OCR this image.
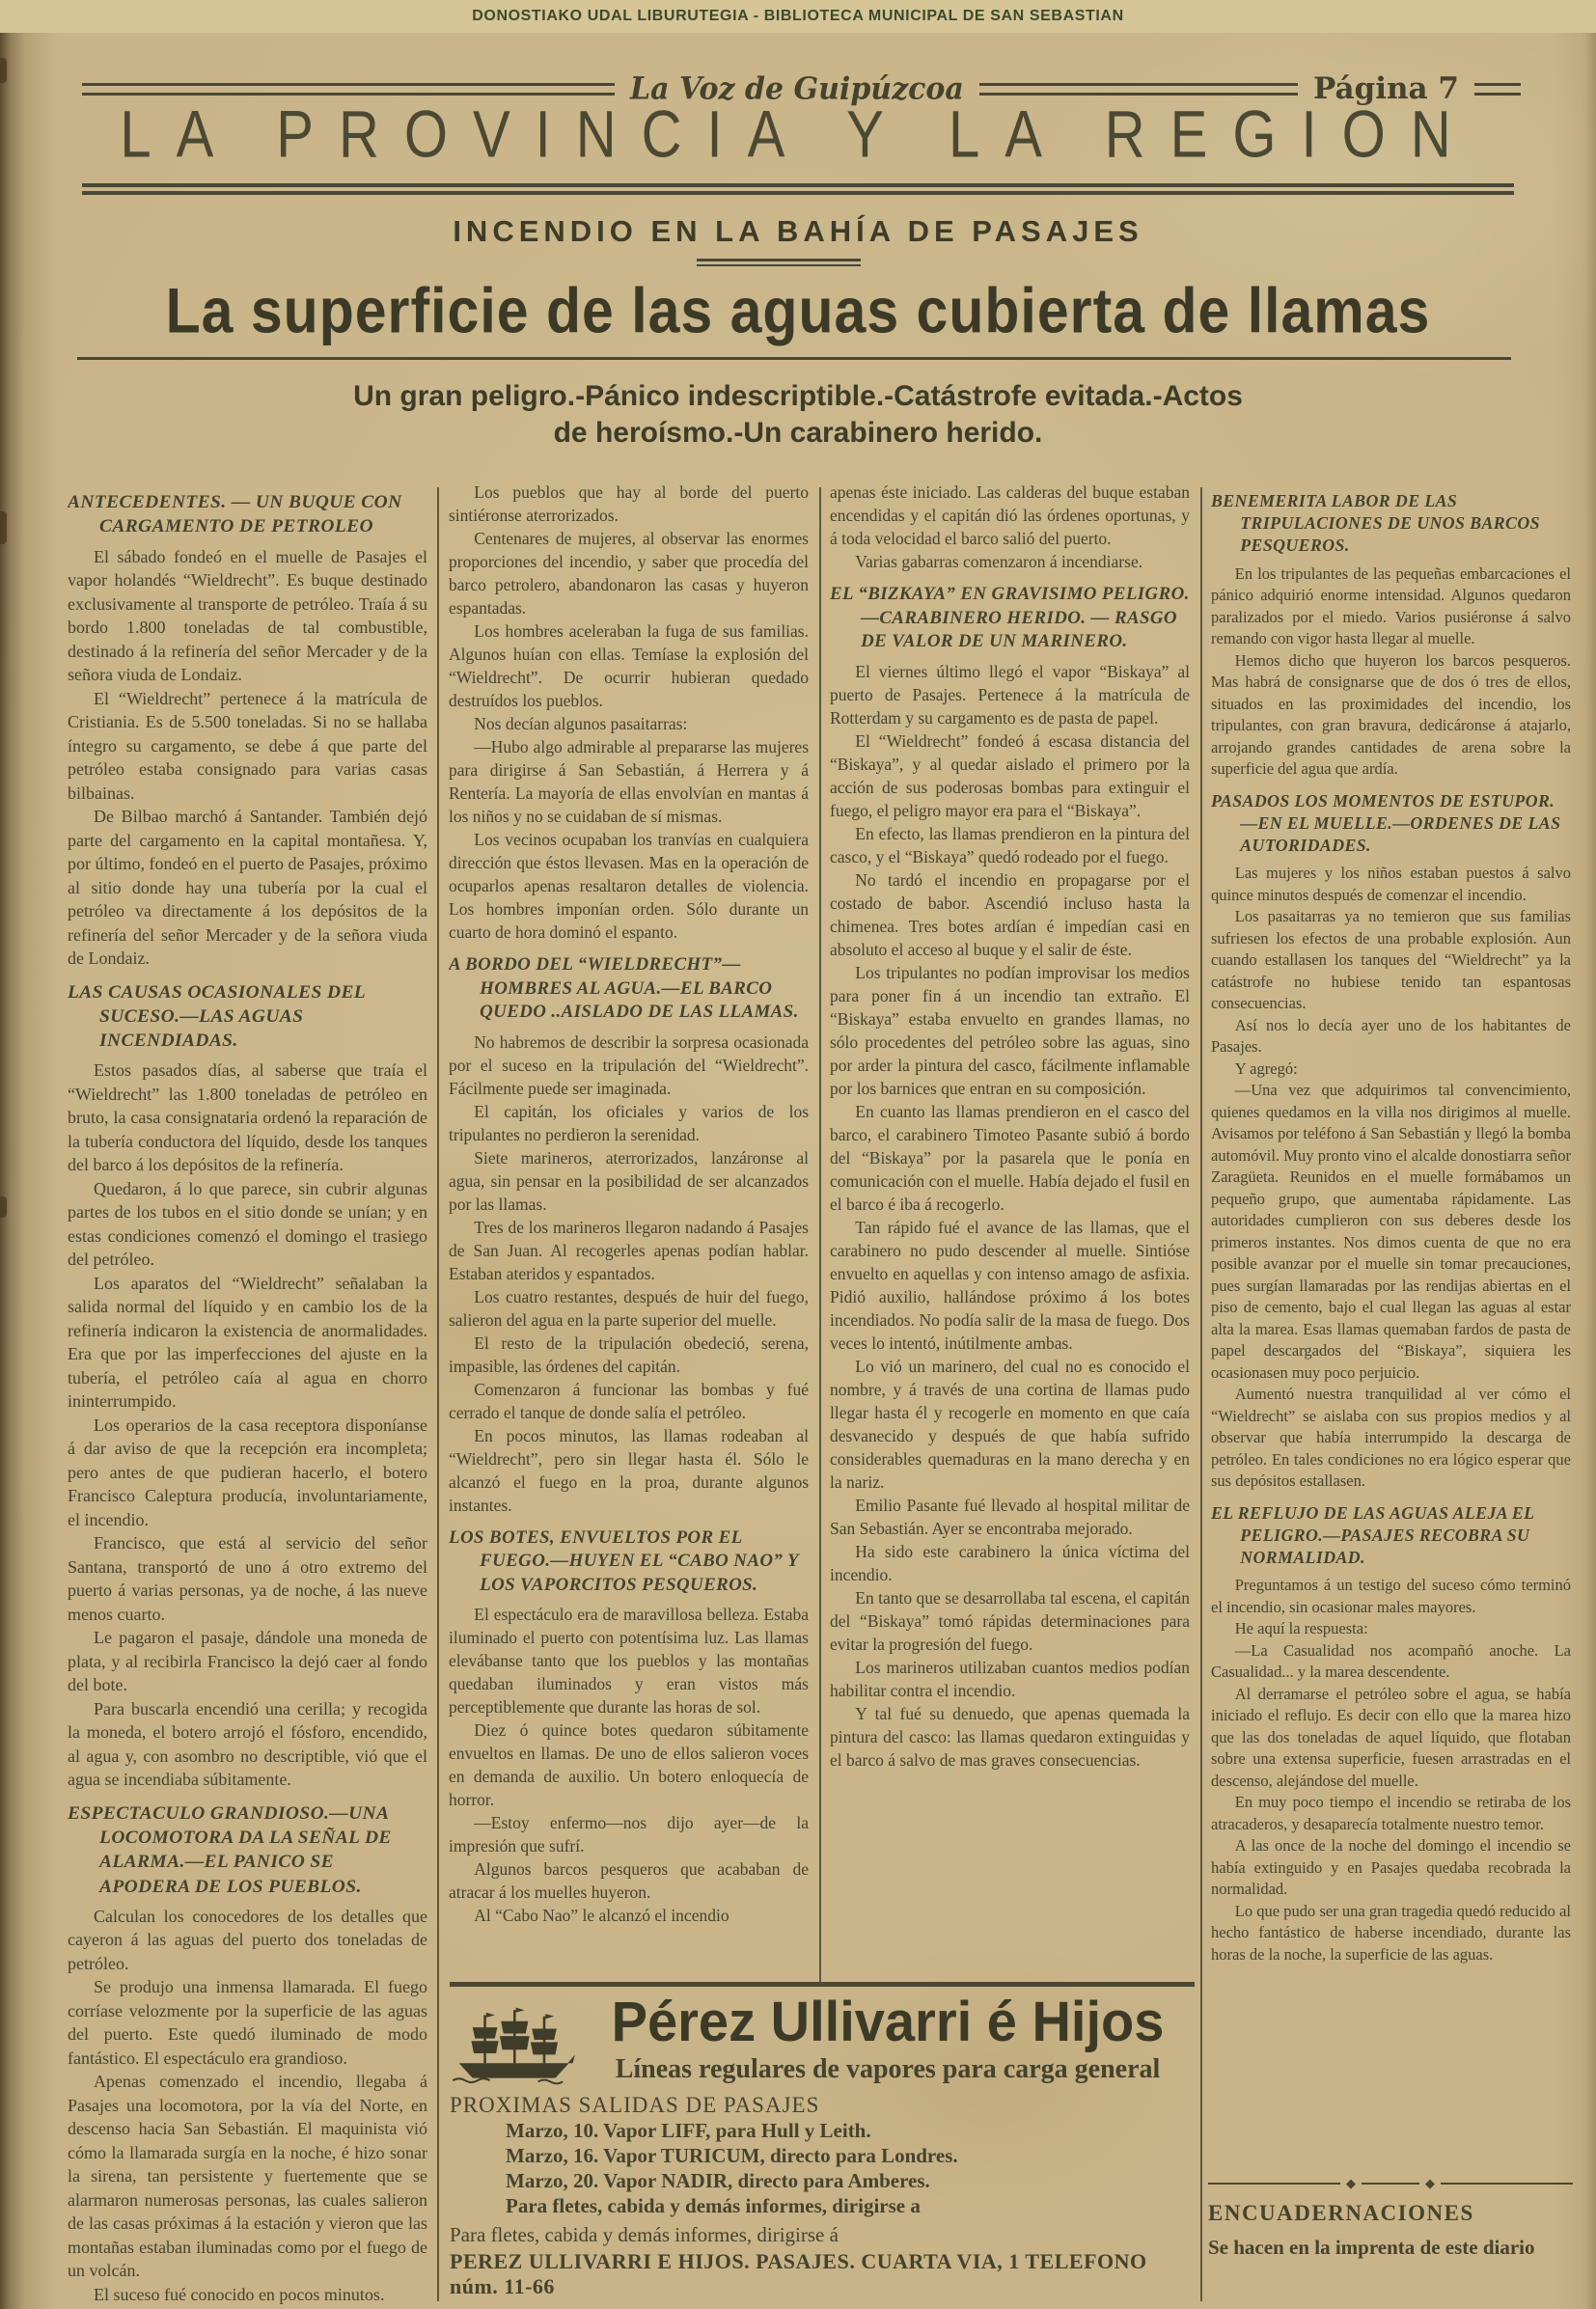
DONOSTIAKO UDAL LIBURUTEGIA - BIBLIOTECA MUNICIPAL DE SAN SEBASTIAN
La Voz de Guipúzcoa	Página 7
LA PROVINCIA Y LA REGION
INCENDIO EN LA BAHÍA DE PASAJES
La superficie de las aguas cubierta de llamas
Un gran peligro.-Pánico indescriptible.-Catástrofe evitada.-Actos
de heroísmo.-Un carabinero herido.
ANTECEDENTES. — UN BUQUE CON CARGAMENTO DE PETROLEO

El sábado fondeó en el muelle de Pasajes el vapor holandés “Wieldrecht”. Es buque destinado exclusivamente al transporte de petróleo. Traía á su bordo 1.800 toneladas de tal combustible, destinado á la refinería del señor Mercader y de la señora viuda de Londaiz.

El “Wieldrecht” pertenece á la matrícula de Cristiania. Es de 5.500 toneladas. Si no se hallaba íntegro su cargamento, se debe á que parte del petróleo estaba consignado para varias casas bilbainas.

De Bilbao marchó á Santander. También dejó parte del cargamento en la capital montañesa. Y, por último, fondeó en el puerto de Pasajes, próximo al sitio donde hay una tubería por la cual el petróleo va directamente á los depósitos de la refinería del señor Mercader y de la señora viuda de Londaiz.

LAS CAUSAS OCASIONALES DEL SUCESO.—LAS AGUAS INCENDIADAS.

Estos pasados días, al saberse que traía el “Wieldrecht” las 1.800 toneladas de petróleo en bruto, la casa consignataria ordenó la reparación de la tubería conductora del líquido, desde los tanques del barco á los depósitos de la refinería.

Quedaron, á lo que parece, sin cubrir algunas partes de los tubos en el sitio donde se unían; y en estas condiciones comenzó el domingo el trasiego del petróleo.

Los aparatos del “Wieldrecht” señalaban la salida normal del líquido y en cambio los de la refinería indicaron la existencia de anormalidades. Era que por las imperfecciones del ajuste en la tubería, el petróleo caía al agua en chorro ininterrumpido.

Los operarios de la casa receptora disponíanse á dar aviso de que la recepción era incompleta; pero antes de que pudieran hacerlo, el botero Francisco Caleptura producía, involuntariamente, el incendio.

Francisco, que está al servicio del señor Santana, transportó de uno á otro extremo del puerto á varias personas, ya de noche, á las nueve menos cuarto.

Le pagaron el pasaje, dándole una moneda de plata, y al recibirla Francisco la dejó caer al fondo del bote.

Para buscarla encendió una cerilla; y recogida la moneda, el botero arrojó el fósforo, encendido, al agua y, con asombro no descriptible, vió que el agua se incendiaba súbitamente.

ESPECTACULO GRANDIOSO.—UNA LOCOMOTORA DA LA SEÑAL DE ALARMA.—EL PANICO SE APODERA DE LOS PUEBLOS.

Calculan los conocedores de los detalles que cayeron á las aguas del puerto dos toneladas de petróleo.

Se produjo una inmensa llamarada. El fuego corríase velozmente por la superficie de las aguas del puerto. Este quedó iluminado de modo fantástico. El espectáculo era grandioso.

Apenas comenzado el incendio, llegaba á Pasajes una locomotora, por la vía del Norte, en descenso hacia San Sebastián. El maquinista vió cómo la llamarada surgía en la noche, é hizo sonar la sirena, tan persistente y fuertemente que se alarmaron numerosas personas, las cuales salieron de las casas próximas á la estación y vieron que las montañas estaban iluminadas como por el fuego de un volcán.

El suceso fué conocido en pocos minutos.

Los pueblos que hay al borde del puerto sintiéronse aterrorizados.

Centenares de mujeres, al observar las enormes proporciones del incendio, y saber que procedía del barco petrolero, abandonaron las casas y huyeron espantadas.

Los hombres aceleraban la fuga de sus familias. Algunos huían con ellas. Temíase la explosión del “Wieldrecht”. De ocurrir hubieran quedado destruídos los pueblos.

Nos decían algunos pasaitarras:

—Hubo algo admirable al prepararse las mujeres para dirigirse á San Sebastián, á Herrera y á Rentería. La mayoría de ellas envolvían en mantas á los niños y no se cuidaban de sí mismas.

Los vecinos ocupaban los tranvías en cualquiera dirección que éstos llevasen. Mas en la operación de ocuparlos apenas resaltaron detalles de violencia. Los hombres imponían orden. Sólo durante un cuarto de hora dominó el espanto.

A BORDO DEL “WIELDRECHT”—HOMBRES AL AGUA.—EL BARCO QUEDO ..AISLADO DE LAS LLAMAS.

No habremos de describir la sorpresa ocasionada por el suceso en la tripulación del “Wieldrecht”. Fácilmente puede ser imaginada.

El capitán, los oficiales y varios de los tripulantes no perdieron la serenidad.

Siete marineros, aterrorizados, lanzáronse al agua, sin pensar en la posibilidad de ser alcanzados por las llamas.

Tres de los marineros llegaron nadando á Pasajes de San Juan. Al recogerles apenas podían hablar. Estaban ateridos y espantados.

Los cuatro restantes, después de huir del fuego, salieron del agua en la parte superior del muelle.

El resto de la tripulación obedeció, serena, impasible, las órdenes del capitán.

Comenzaron á funcionar las bombas y fué cerrado el tanque de donde salía el petróleo.

En pocos minutos, las llamas rodeaban al “Wieldrecht”, pero sin llegar hasta él. Sólo le alcanzó el fuego en la proa, durante algunos instantes.

LOS BOTES, ENVUELTOS POR EL FUEGO.—HUYEN EL “CABO NAO” Y LOS VAPORCITOS PESQUEROS.

El espectáculo era de maravillosa belleza. Estaba iluminado el puerto con potentísima luz. Las llamas elevábanse tanto que los pueblos y las montañas quedaban iluminados y eran vistos más perceptiblemente que durante las horas de sol.

Diez ó quince botes quedaron súbitamente envueltos en llamas. De uno de ellos salieron voces en demanda de auxilio. Un botero enloquecía de horror.

—Estoy enfermo—nos dijo ayer—de la impresión que sufrí.

Algunos barcos pesqueros que acababan de atracar á los muelles huyeron.

Al “Cabo Nao” le alcanzó el incendio

apenas éste iniciado. Las calderas del buque estaban encendidas y el capitán dió las órdenes oportunas, y á toda velocidad el barco salió del puerto.

Varias gabarras comenzaron á incendiarse.

EL “BIZKAYA” EN GRAVISIMO PELIGRO.—CARABINERO HERIDO. — RASGO DE VALOR DE UN MARINERO.

El viernes último llegó el vapor “Biskaya” al puerto de Pasajes. Pertenece á la matrícula de Rotterdam y su cargamento es de pasta de papel.

El “Wieldrecht” fondeó á escasa distancia del “Biskaya”, y al quedar aislado el primero por la acción de sus poderosas bombas para extinguir el fuego, el peligro mayor era para el “Biskaya”.

En efecto, las llamas prendieron en la pintura del casco, y el “Biskaya” quedó rodeado por el fuego.

No tardó el incendio en propagarse por el costado de babor. Ascendió incluso hasta la chimenea. Tres botes ardían é impedían casi en absoluto el acceso al buque y el salir de éste.

Los tripulantes no podían improvisar los medios para poner fin á un incendio tan extraño. El “Biskaya” estaba envuelto en grandes llamas, no sólo procedentes del petróleo sobre las aguas, sino por arder la pintura del casco, fácilmente inflamable por los barnices que entran en su composición.

En cuanto las llamas prendieron en el casco del barco, el carabinero Timoteo Pasante subió á bordo del “Biskaya” por la pasarela que le ponía en comunicación con el muelle. Había dejado el fusil en el barco é iba á recogerlo.

Tan rápido fué el avance de las llamas, que el carabinero no pudo descender al muelle. Sintióse envuelto en aquellas y con intenso amago de asfixia. Pidió auxilio, hallándose próximo á los botes incendiados. No podía salir de la masa de fuego. Dos veces lo intentó, inútilmente ambas.

Lo vió un marinero, del cual no es conocido el nombre, y á través de una cortina de llamas pudo llegar hasta él y recogerle en momento en que caía desvanecido y después de que había sufrido considerables quemaduras en la mano derecha y en la nariz.

Emilio Pasante fué llevado al hospital militar de San Sebastián. Ayer se encontraba mejorado.

Ha sido este carabinero la única víctima del incendio.

En tanto que se desarrollaba tal escena, el capitán del “Biskaya” tomó rápidas determinaciones para evitar la progresión del fuego.

Los marineros utilizaban cuantos medios podían habilitar contra el incendio.

Y tal fué su denuedo, que apenas quemada la pintura del casco: las llamas quedaron extinguidas y el barco á salvo de mas graves consecuencias.

BENEMERITA LABOR DE LAS TRIPULACIONES DE UNOS BARCOS PESQUEROS.

En los tripulantes de las pequeñas embarcaciones el pánico adquirió enorme intensidad. Algunos quedaron paralizados por el miedo. Varios pusiéronse á salvo remando con vigor hasta llegar al muelle.

Hemos dicho que huyeron los barcos pesqueros. Mas habrá de consignarse que de dos ó tres de ellos, situados en las proximidades del incendio, los tripulantes, con gran bravura, dedicáronse á atajarlo, arrojando grandes cantidades de arena sobre la superficie del agua que ardía.

PASADOS LOS MOMENTOS DE ESTUPOR.—EN EL MUELLE.—ORDENES DE LAS AUTORIDADES.

Las mujeres y los niños estaban puestos á salvo quince minutos después de comenzar el incendio.

Los pasaitarras ya no temieron que sus familias sufriesen los efectos de una probable explosión. Aun cuando estallasen los tanques del “Wieldrecht” ya la catástrofe no hubiese tenido tan espantosas consecuencias.

Así nos lo decía ayer uno de los habitantes de Pasajes.

Y agregó:

—Una vez que adquirimos tal convencimiento, quienes quedamos en la villa nos dirigimos al muelle. Avisamos por teléfono á San Sebastián y llegó la bomba automóvil. Muy pronto vino el alcalde donostiarra señor Zaragüeta. Reunidos en el muelle formábamos un pequeño grupo, que aumentaba rápidamente. Las autoridades cumplieron con sus deberes desde los primeros instantes. Nos dimos cuenta de que no era posible avanzar por el muelle sin tomar precauciones, pues surgían llamaradas por las rendijas abiertas en el piso de cemento, bajo el cual llegan las aguas al estar alta la marea. Esas llamas quemaban fardos de pasta de papel descargados del “Biskaya”, siquiera les ocasionasen muy poco perjuicio.

Aumentó nuestra tranquilidad al ver cómo el “Wieldrecht” se aislaba con sus propios medios y al observar que había interrumpido la descarga de petróleo. En tales condiciones no era lógico esperar que sus depósitos estallasen.

EL REFLUJO DE LAS AGUAS ALEJA EL PELIGRO.—PASAJES RECOBRA SU NORMALIDAD.

Preguntamos á un testigo del suceso cómo terminó el incendio, sin ocasionar males mayores.

He aquí la respuesta:

—La Casualidad nos acompañó anoche. La Casualidad... y la marea descendente.

Al derramarse el petróleo sobre el agua, se había iniciado el reflujo. Es decir con ello que la marea hizo que las dos toneladas de aquel líquido, que flotaban sobre una extensa superficie, fuesen arrastradas en el descenso, alejándose del muelle.

En muy poco tiempo el incendio se retiraba de los atracaderos, y desaparecía totalmente nuestro temor.

A las once de la noche del domingo el incendio se había extinguido y en Pasajes quedaba recobrada la normalidad.

Lo que pudo ser una gran tragedia quedó reducido al hecho fantástico de haberse incendiado, durante las horas de la noche, la superficie de las aguas.

Pérez Ullivarri é Hijos
Líneas regulares de vapores para carga general
PROXIMAS SALIDAS DE PASAJES
Marzo, 10. Vapor LIFF, para Hull y Leith.
Marzo, 16. Vapor TURICUM, directo para Londres.
Marzo, 20. Vapor NADIR, directo para Amberes.
Para fletes, cabida y demás informes, dirigirse a
Para fletes, cabida y demás informes, dirigirse á
PEREZ ULLIVARRI E HIJOS. PASAJES. CUARTA VIA, 1 TELEFONO núm. 11-66
◆	◆
ENCUADERNACIONES
Se hacen en la imprenta de este diario
